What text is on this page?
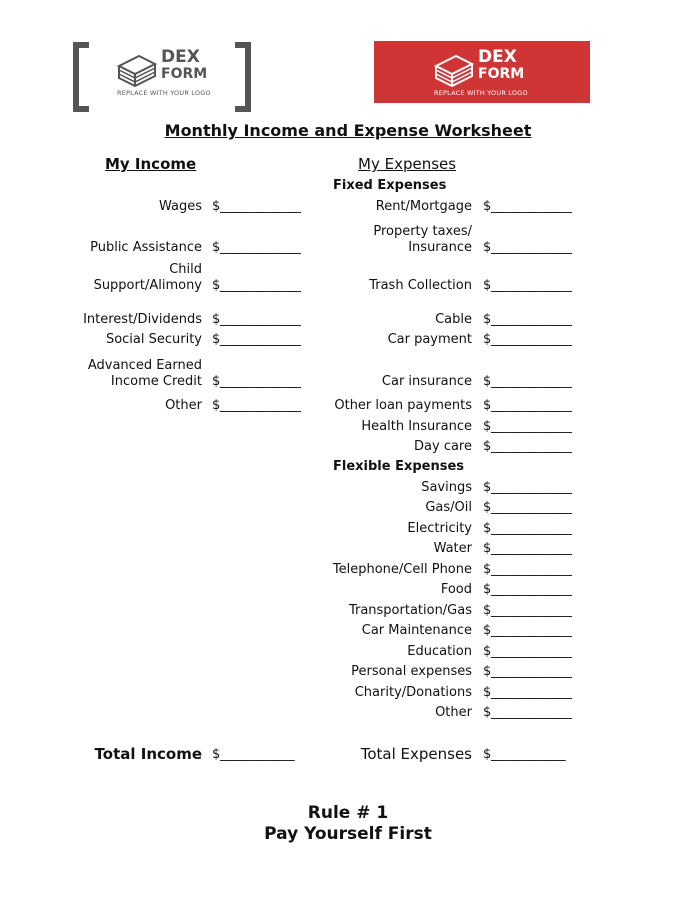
DEX
FORM
REPLACE WITH YOUR LOGO
DEX
FORM
REPLACE WITH YOUR LOGO
Monthly Income and Expense Worksheet
My Income	My Expenses
Fixed Expenses
Flexible Expenses
Wages $_____________
Public Assistance $_____________
Child
Support/Alimony $_____________
Interest/Dividends $_____________
Social Security $_____________
Advanced Earned
Income Credit $_____________
Other $_____________
Rent/Mortgage $_____________
Property taxes/
Insurance $_____________
Trash Collection $_____________
Cable $_____________
Car payment $_____________
Car insurance $_____________
Other loan payments $_____________
Health Insurance $_____________
Day care $_____________
Savings $_____________
Gas/Oil $_____________
Electricity $_____________
Water $_____________
Telephone/Cell Phone $_____________
Food $_____________
Transportation/Gas $_____________
Car Maintenance $_____________
Education $_____________
Personal expenses $_____________
Charity/Donations $_____________
Other $_____________
Total Income $____________	Total Expenses $____________
Rule # 1
Pay Yourself First
